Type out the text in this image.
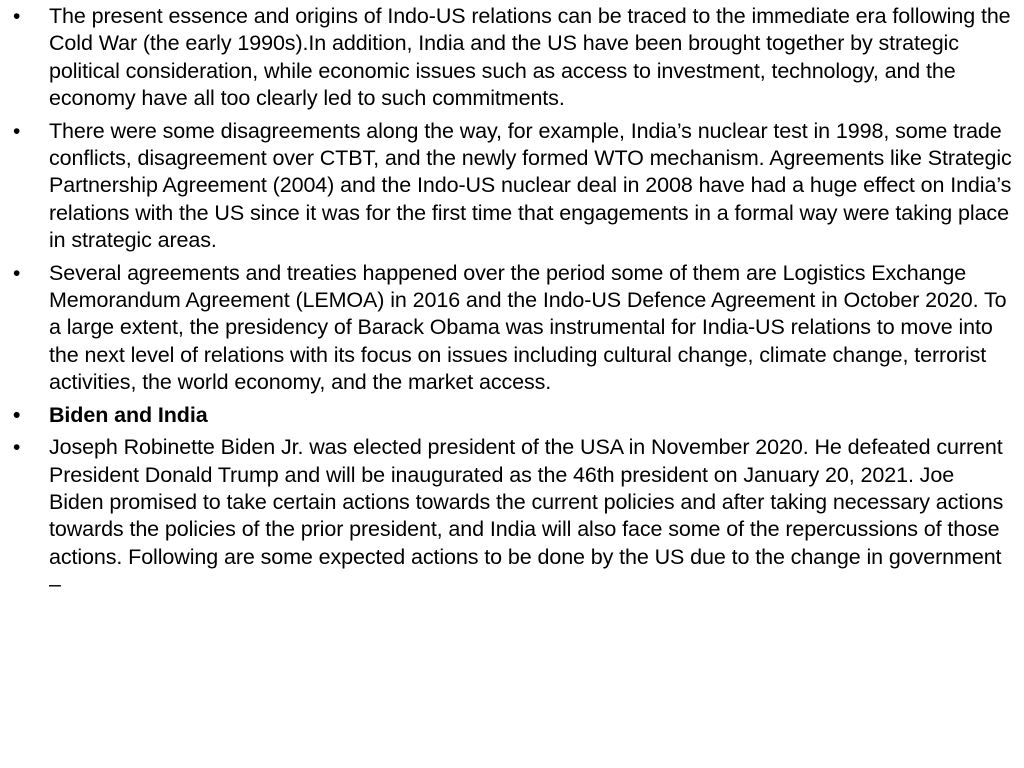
• The present essence and origins of Indo-US relations can be traced to the immediate era following the Cold War (the early 1990s).In addition, India and the US have been brought together by strategic political consideration, while economic issues such as access to investment, technology, and the economy have all too clearly led to such commitments.
• There were some disagreements along the way, for example, India’s nuclear test in 1998, some trade conflicts, disagreement over CTBT, and the newly formed WTO mechanism. Agreements like Strategic Partnership Agreement (2004) and the Indo-US nuclear deal in 2008 have had a huge effect on India’s relations with the US since it was for the first time that engagements in a formal way were taking place in strategic areas.
• Several agreements and treaties happened over the period some of them are Logistics Exchange Memorandum Agreement (LEMOA) in 2016 and the Indo-US Defence Agreement in October 2020. To a large extent, the presidency of Barack Obama was instrumental for India-US relations to move into the next level of relations with its focus on issues including cultural change, climate change, terrorist activities, the world economy, and the market access.
• Biden and India
• Joseph Robinette Biden Jr. was elected president of the USA in November 2020. He defeated current President Donald Trump and will be inaugurated as the 46th president on January 20, 2021. Joe Biden promised to take certain actions towards the current policies and after taking necessary actions towards the policies of the prior president, and India will also face some of the repercussions of those actions. Following are some expected actions to be done by the US due to the change in government –
